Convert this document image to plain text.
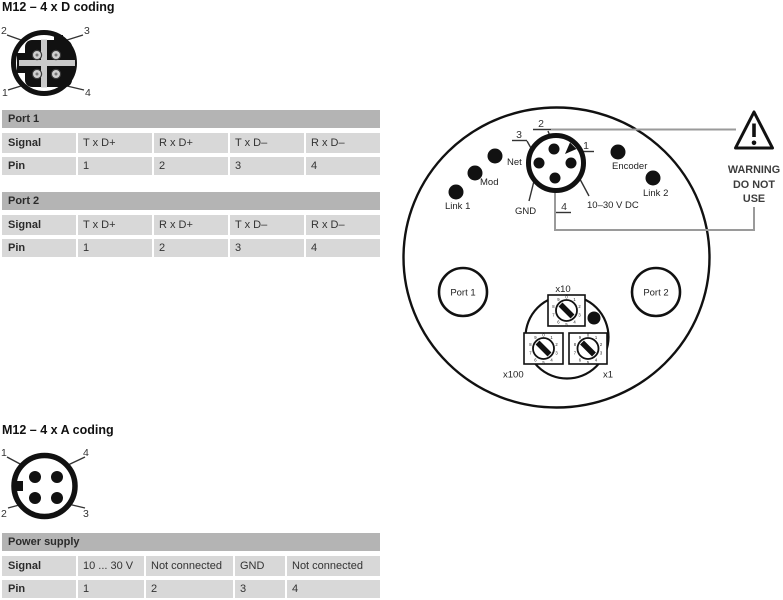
M12 – 4 x D coding
2	3
1	4
Port 1
Signal	T x D+	R x D+	T x D–	R x D–
Pin	1	2	3	4
Port 2
Signal	T x D+	R x D+	T x D–	R x D–
Pin	1	2	3	4
2
3
1
4
GND
10–30 V DC
Net
Mod
Link 1
Encoder
Link 2
WARNING
DO NOT
USE
Port 1	Port 2
0
1
2
3
4
5
6
7
8
9
0
1
2
3
4
5
6
7
8
9
0
1
2
3
4
5
6
7
8
9
x10
x100	x1
M12 – 4 x A coding
1	4
2	3
Power supply
Signal	10 ... 30 V	Not connected	GND	Not connected
Pin	1	2	3	4
